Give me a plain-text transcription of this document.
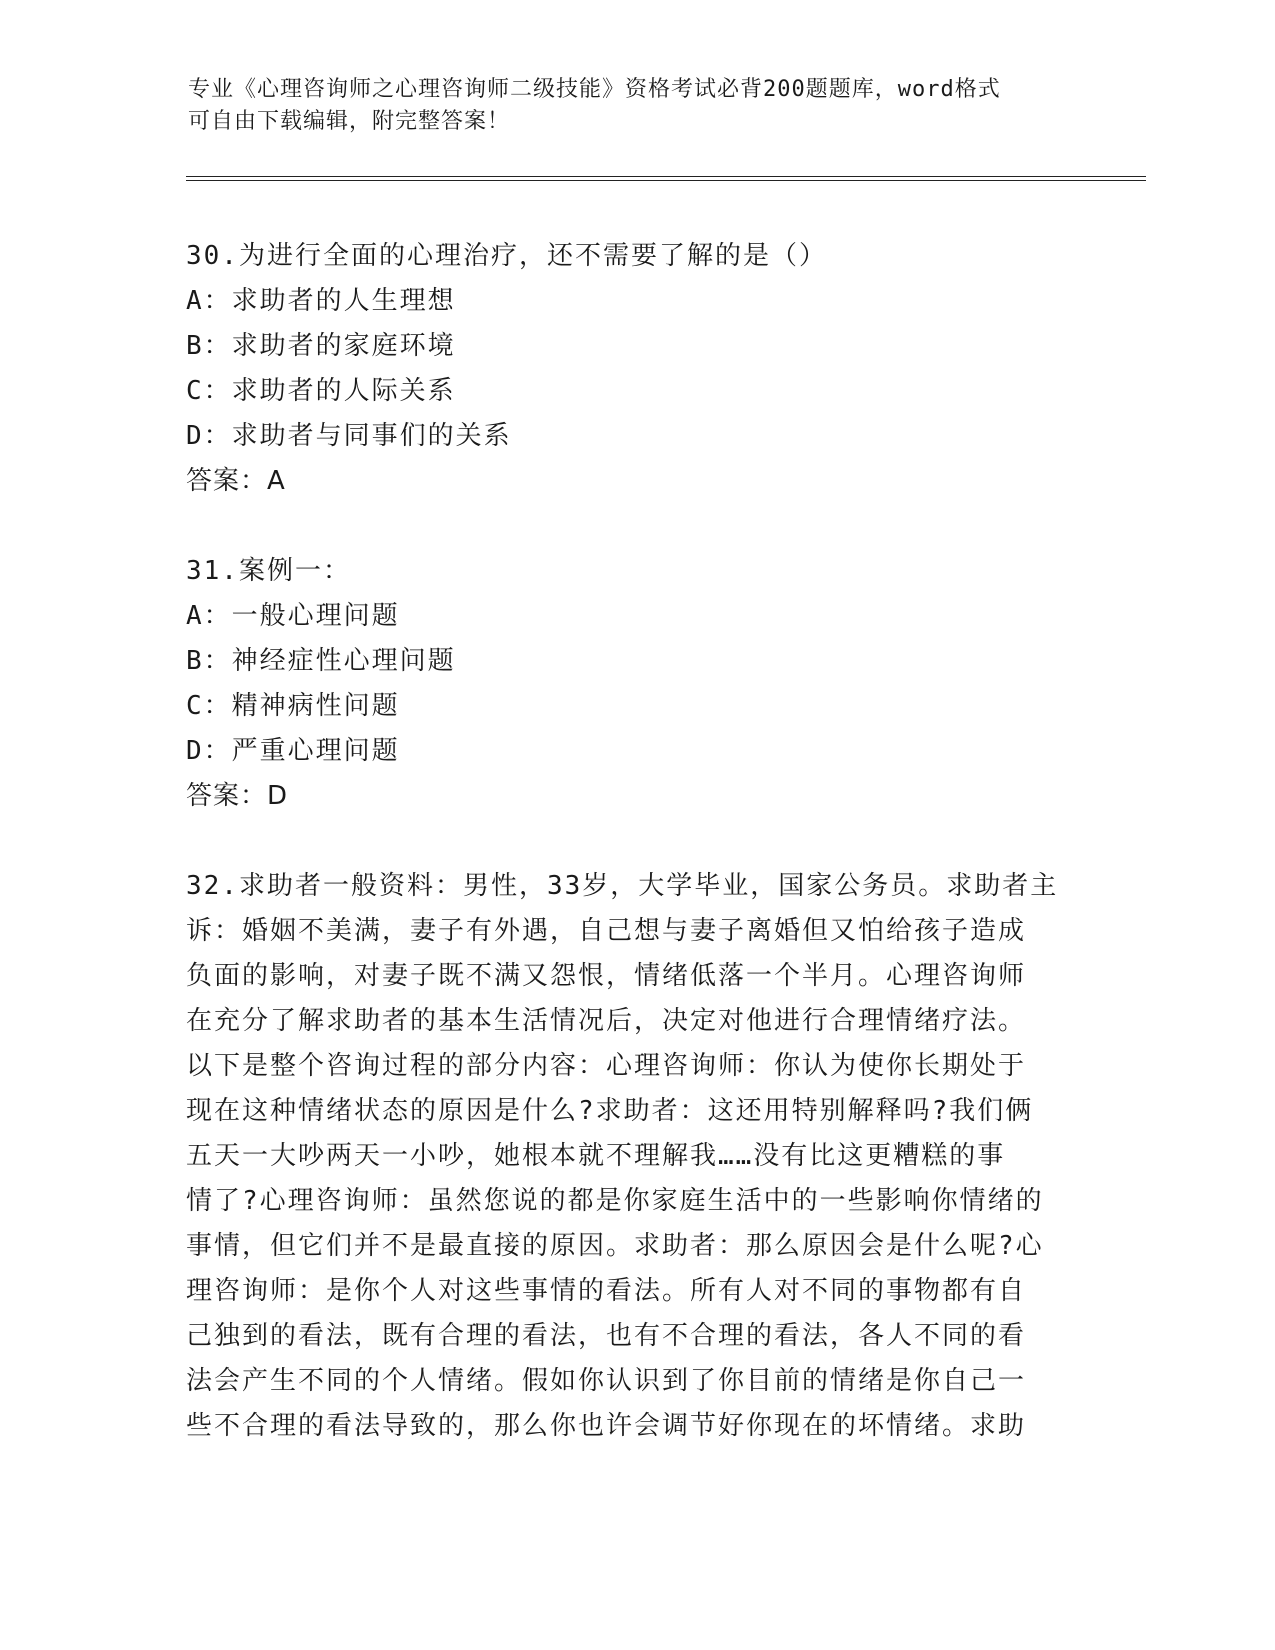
专业《心理咨询师之心理咨询师二级技能》资格考试必背200题题库，word格式

可自由下载编辑，附完整答案！

30.为进行全面的心理治疗，还不需要了解的是（）
A：求助者的人生理想
B：求助者的家庭环境
C：求助者的人际关系
D：求助者与同事们的关系
答案：A
31.案例一：
A：一般心理问题
B：神经症性心理问题
C：精神病性问题
D：严重心理问题
答案：D
32.求助者一般资料：男性，33岁，大学毕业，国家公务员。求助者主
诉：婚姻不美满，妻子有外遇，自己想与妻子离婚但又怕给孩子造成
负面的影响，对妻子既不满又怨恨，情绪低落一个半月。心理咨询师
在充分了解求助者的基本生活情况后，决定对他进行合理情绪疗法。
以下是整个咨询过程的部分内容：心理咨询师：你认为使你长期处于
现在这种情绪状态的原因是什么?求助者：这还用特别解释吗?我们俩
五天一大吵两天一小吵，她根本就不理解我……没有比这更糟糕的事
情了?心理咨询师：虽然您说的都是你家庭生活中的一些影响你情绪的
事情，但它们并不是最直接的原因。求助者：那么原因会是什么呢?心
理咨询师：是你个人对这些事情的看法。所有人对不同的事物都有自
己独到的看法，既有合理的看法，也有不合理的看法，各人不同的看
法会产生不同的个人情绪。假如你认识到了你目前的情绪是你自己一
些不合理的看法导致的，那么你也许会调节好你现在的坏情绪。求助
